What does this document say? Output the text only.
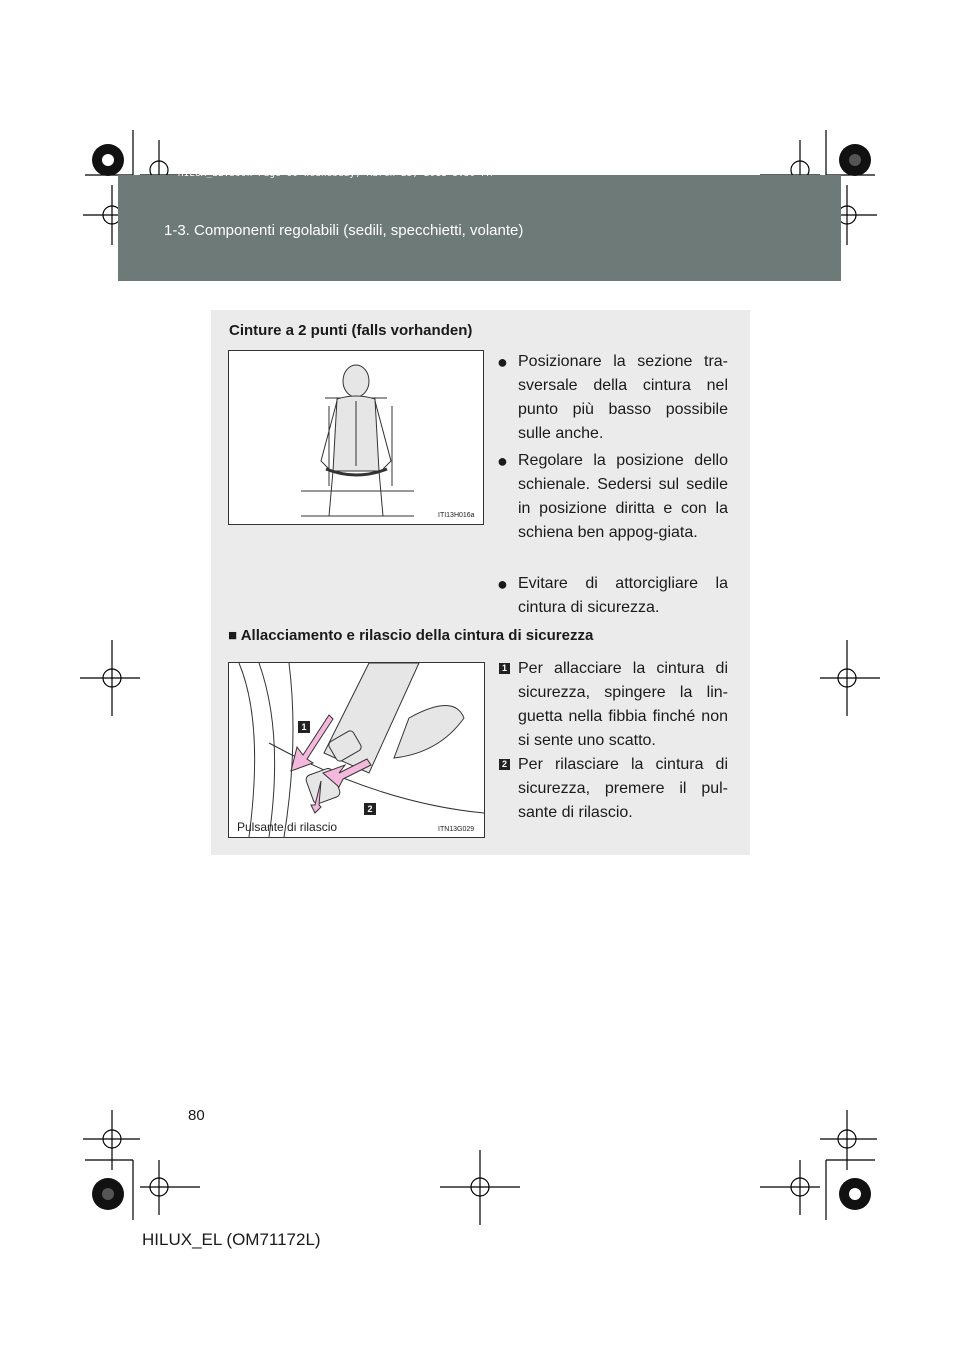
HILUX_EL.book Page 80 Wednesday, March 23, 2011 3:30 PM
1-3. Componenti regolabili (sedili, specchietti, volante)
Cinture a 2 punti (falls vorhanden)
ITI13H016a
● Posizionare la sezione tra-sversale della cintura nel punto più basso possibile sulle anche.
● Regolare la posizione dello schienale. Sedersi sul sedile in posizione diritta e con la schiena ben appog-giata.
● Evitare di attorcigliare la cintura di sicurezza.
■ Allacciamento e rilascio della cintura di sicurezza
1
2
ITN13G029
Pulsante di rilascio
1 Per allacciare la cintura di sicurezza, spingere la lin-guetta nella fibbia finché non si sente uno scatto.
2 Per rilasciare la cintura di sicurezza, premere il pul-sante di rilascio.
80
HILUX_EL (OM71172L)
